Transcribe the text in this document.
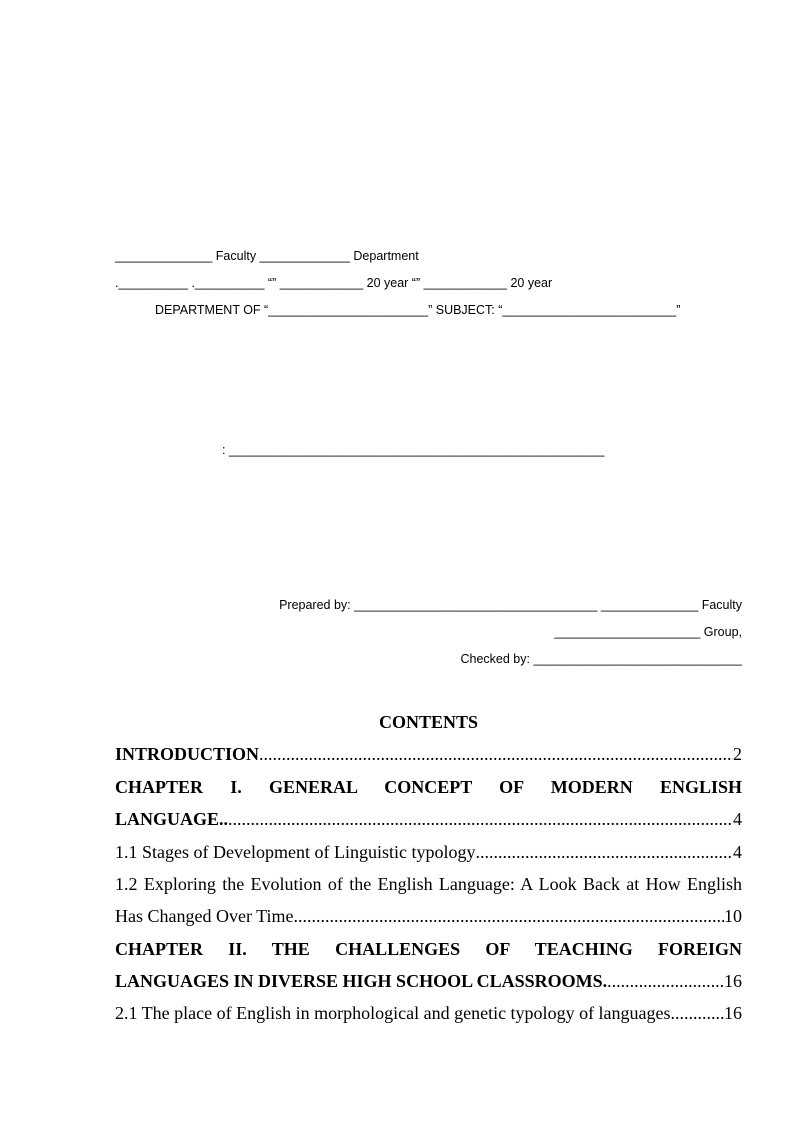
______________ Faculty _____________ Department
.__________ .__________ “” ____________ 20 year “” ____________ 20 year
DEPARTMENT OF “_______________________” SUBJECT: “_________________________”
: ______________________________________________________
Prepared by: ___________________________________ ______________ Faculty
_____________________ Group,
Checked by: ______________________________
CONTENTS
INTRODUCTION .....	2
CHAPTER I. GENERAL CONCEPT OF MODERN ENGLISH
LANGUAGE.. .....	4
1.1 Stages of Development of Linguistic typology .....	4
1.2 Exploring the Evolution of the English Language: A Look Back at How English
Has Changed Over Time .....	10
CHAPTER II. THE CHALLENGES OF TEACHING FOREIGN
LANGUAGES IN DIVERSE HIGH SCHOOL CLASSROOMS. .....	16
2.1 The place of English in morphological and genetic typology of languages. .....	16
